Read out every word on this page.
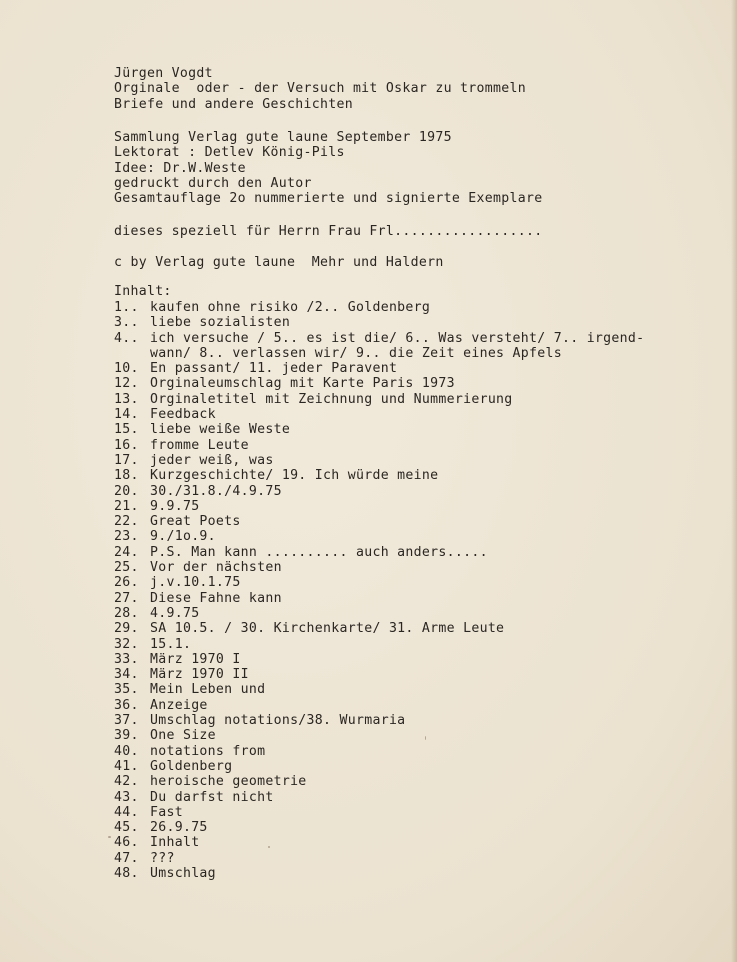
Jürgen Vogdt
Orginale  oder - der Versuch mit Oskar zu trommeln
Briefe und andere Geschichten
Sammlung Verlag gute laune September 1975
Lektorat : Detlev König-Pils
Idee: Dr.W.Weste
gedruckt durch den Autor
Gesamtauflage 2o nummerierte und signierte Exemplare
dieses speziell für Herrn Frau Frl..................
c by Verlag gute laune  Mehr und Haldern
Inhalt:
1.. kaufen ohne risiko /2.. Goldenberg
3.. liebe sozialisten
4.. ich versuche / 5.. es ist die/ 6.. Was versteht/ 7.. irgend-
wann/ 8.. verlassen wir/ 9.. die Zeit eines Apfels
10. En passant/ 11. jeder Paravent
12. Orginaleumschlag mit Karte Paris 1973
13. Orginaletitel mit Zeichnung und Nummerierung
14. Feedback
15. liebe weiße Weste
16. fromme Leute
17. jeder weiß, was
18. Kurzgeschichte/ 19. Ich würde meine
20. 30./31.8./4.9.75
21. 9.9.75
22. Great Poets
23. 9./1o.9.
24. P.S. Man kann .......... auch anders.....
25. Vor der nächsten
26. j.v.10.1.75
27. Diese Fahne kann
28. 4.9.75
29. SA 10.5. / 30. Kirchenkarte/ 31. Arme Leute
32. 15.1.
33. März 1970 I
34. März 1970 II
35. Mein Leben und
36. Anzeige
37. Umschlag notations/38. Wurmaria
39. One Size
40. notations from
41. Goldenberg
42. heroische geometrie
43. Du darfst nicht
44. Fast
45. 26.9.75
46. Inhalt
47. ???
48. Umschlag
